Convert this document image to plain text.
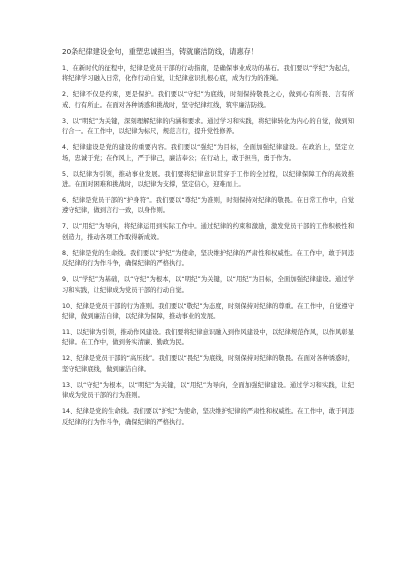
20条纪律建设金句，重塑忠诚担当，铸就廉洁防线，请惠存！

1、在新时代的征程中，纪律是党员干部的行动指南，是确保事业成功的基石。我们要以“学纪”为起点，将纪律学习融入日常，化作行动自觉，让纪律意识扎根心底，成为行为的准绳。

2、纪律不仅是约束，更是保护。我们要以“守纪”为底线，时刻保持敬畏之心，做到心有所畏、言有所戒、行有所止。在面对各种诱惑和挑战时，坚守纪律红线，筑牢廉洁防线。

3、以“明纪”为关键，深刻理解纪律的内涵和要求。通过学习和实践，将纪律转化为内心的自觉，做到知行合一。在工作中，以纪律为标尺，规范言行，提升党性修养。

4、纪律建设是党的建设的重要内容。我们要以“强纪”为目标，全面加强纪律建设。在政治上，坚定立场，忠诚于党；在作风上，严于律己，廉洁奉公；在行动上，敢于担当，勇于作为。

5、以纪律为引领，推动事业发展。我们要将纪律意识贯穿于工作的全过程，以纪律保障工作的高效推进。在面对困难和挑战时，以纪律为支撑，坚定信心，迎难而上。

6、纪律是党员干部的“护身符”。我们要以“尊纪”为准则，时刻保持对纪律的敬畏。在日常工作中，自觉遵守纪律，做到言行一致，以身作则。

7、以“用纪”为导向，将纪律运用到实际工作中。通过纪律的约束和激励，激发党员干部的工作积极性和创造力，推动各项工作取得新成效。

8、纪律是党的生命线。我们要以“护纪”为使命，坚决维护纪律的严肃性和权威性。在工作中，敢于同违反纪律的行为作斗争，确保纪律的严格执行。

9、以“学纪”为基础，以“守纪”为根本，以“明纪”为关键，以“用纪”为目标，全面加强纪律建设。通过学习和实践，让纪律成为党员干部的行动自觉。

10、纪律是党员干部的行为准则。我们要以“敬纪”为态度，时刻保持对纪律的尊重。在工作中，自觉遵守纪律，做到廉洁自律，以纪律为保障，推动事业的发展。

11、以纪律为引领，推动作风建设。我们要将纪律意识融入到作风建设中，以纪律规范作风，以作风彰显纪律。在工作中，做到务实清廉、勤政为民。

12、纪律是党员干部的“高压线”。我们要以“畏纪”为底线，时刻保持对纪律的敬畏。在面对各种诱惑时，坚守纪律底线，做到廉洁自律。

13、以“守纪”为根本，以“明纪”为关键，以“用纪”为导向，全面加强纪律建设。通过学习和实践，让纪律成为党员干部的行为准则。

14、纪律是党的生命线。我们要以“护纪”为使命，坚决维护纪律的严肃性和权威性。在工作中，敢于同违反纪律的行为作斗争，确保纪律的严格执行。
